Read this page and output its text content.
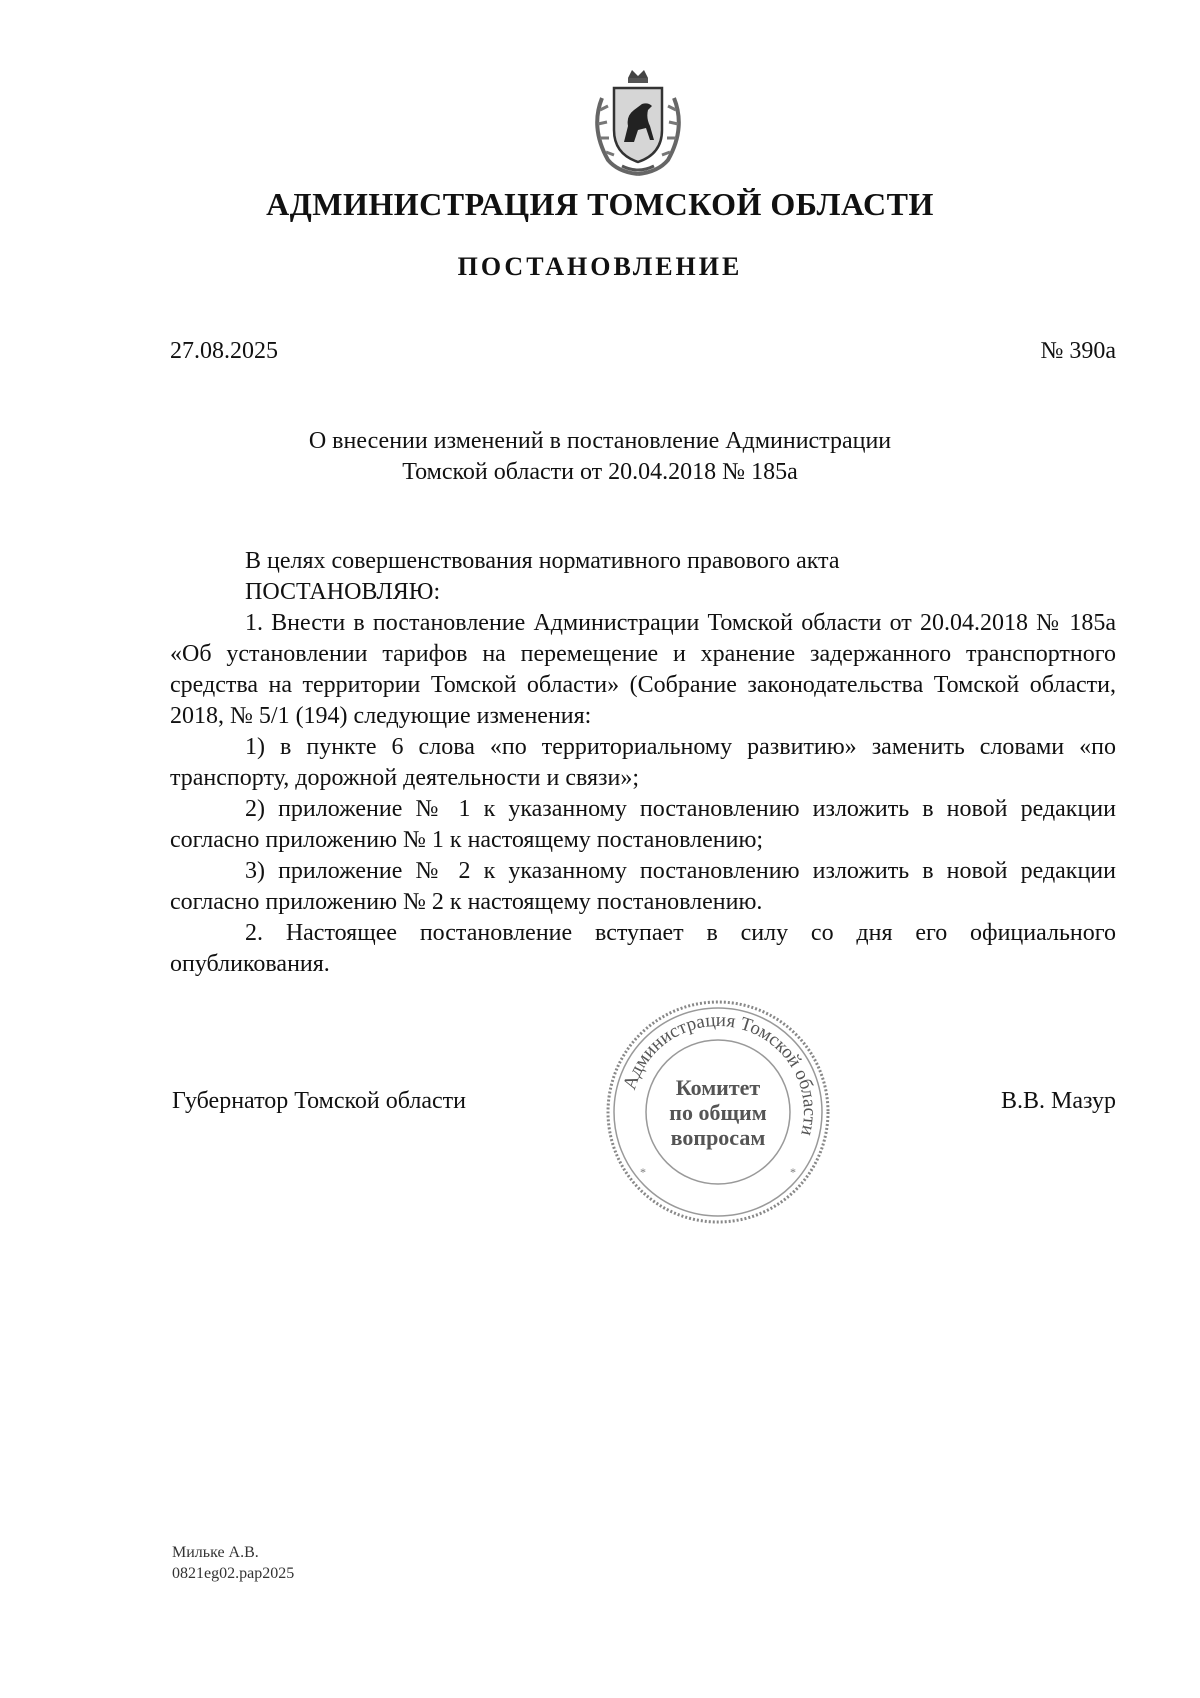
АДМИНИСТРАЦИЯ ТОМСКОЙ ОБЛАСТИ
ПОСТАНОВЛЕНИЕ
27.08.2025	№ 390а
О внесении изменений в постановление Администрации
Томской области от 20.04.2018 № 185а

В целях совершенствования нормативного правового акта

ПОСТАНОВЛЯЮ:

1. Внести в постановление Администрации Томской области от 20.04.2018 № 185а «Об установлении тарифов на перемещение и хранение задержанного транспортного средства на территории Томской области» (Собрание законодательства Томской области, 2018, № 5/1 (194) следующие изменения:

1) в пункте 6 слова «по территориальному развитию» заменить словами «по транспорту, дорожной деятельности и связи»;

2) приложение № 1 к указанному постановлению изложить в новой редакции согласно приложению № 1 к настоящему постановлению;

3) приложение № 2 к указанному постановлению изложить в новой редакции согласно приложению № 2 к настоящему постановлению.

2. Настоящее постановление вступает в силу со дня его официального опубликования.

Губернатор Томской области
Администрация Томской области
Комитет
по общим
вопросам
*	*
В.В. Мазур
Мильке А.В.
0821eg02.pap2025
